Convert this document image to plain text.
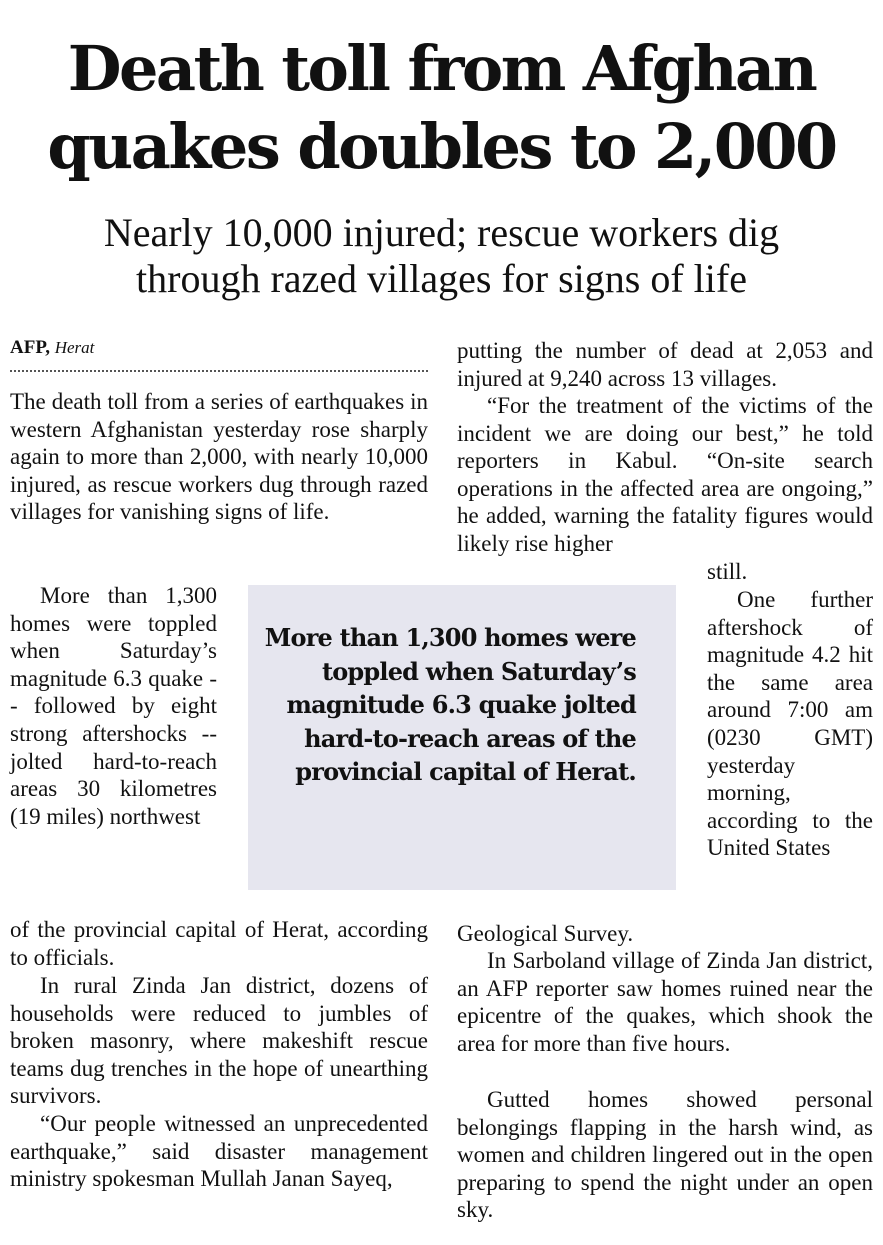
Death toll from Afghan
quakes doubles to 2,000
Nearly 10,000 injured; rescue workers dig
through razed villages for signs of life
AFP, Herat

The death toll from a series of earthquakes in western Afghanistan yesterday rose sharply again to more than 2,000, with nearly 10,000 injured, as rescue workers dug through razed villages for vanishing signs of life.

More than 1,300 homes were toppled when Saturday’s magnitude 6.3 quake -- followed by eight strong aftershocks -- jolted hard-to-reach areas 30 kilometres (19 miles) northwest

of the provincial capital of Herat, according to officials.

In rural Zinda Jan district, dozens of households were reduced to jumbles of broken masonry, where makeshift rescue teams dug trenches in the hope of unearthing survivors.

“Our people witnessed an unprecedented earthquake,” said disaster management ministry spokesman Mullah Janan Sayeq,

putting the number of dead at 2,053 and injured at 9,240 across 13 villages.

“For the treatment of the victims of the incident we are doing our best,” he told reporters in Kabul. “On-site search operations in the affected area are ongoing,” he added, warning the fatality figures would likely rise higher

still.

One further aftershock of magnitude 4.2 hit the same area around 7:00 am (0230 GMT) yesterday morning, according to the United States

Geological Survey.

In Sarboland village of Zinda Jan district, an AFP reporter saw homes ruined near the epicentre of the quakes, which shook the area for more than five hours.

Gutted homes showed personal belongings flapping in the harsh wind, as women and children lingered out in the open preparing to spend the night under an open sky.

More than 1,300 homes were toppled when Saturday’s magnitude 6.3 quake jolted hard-to-reach areas of the provincial capital of Herat.
